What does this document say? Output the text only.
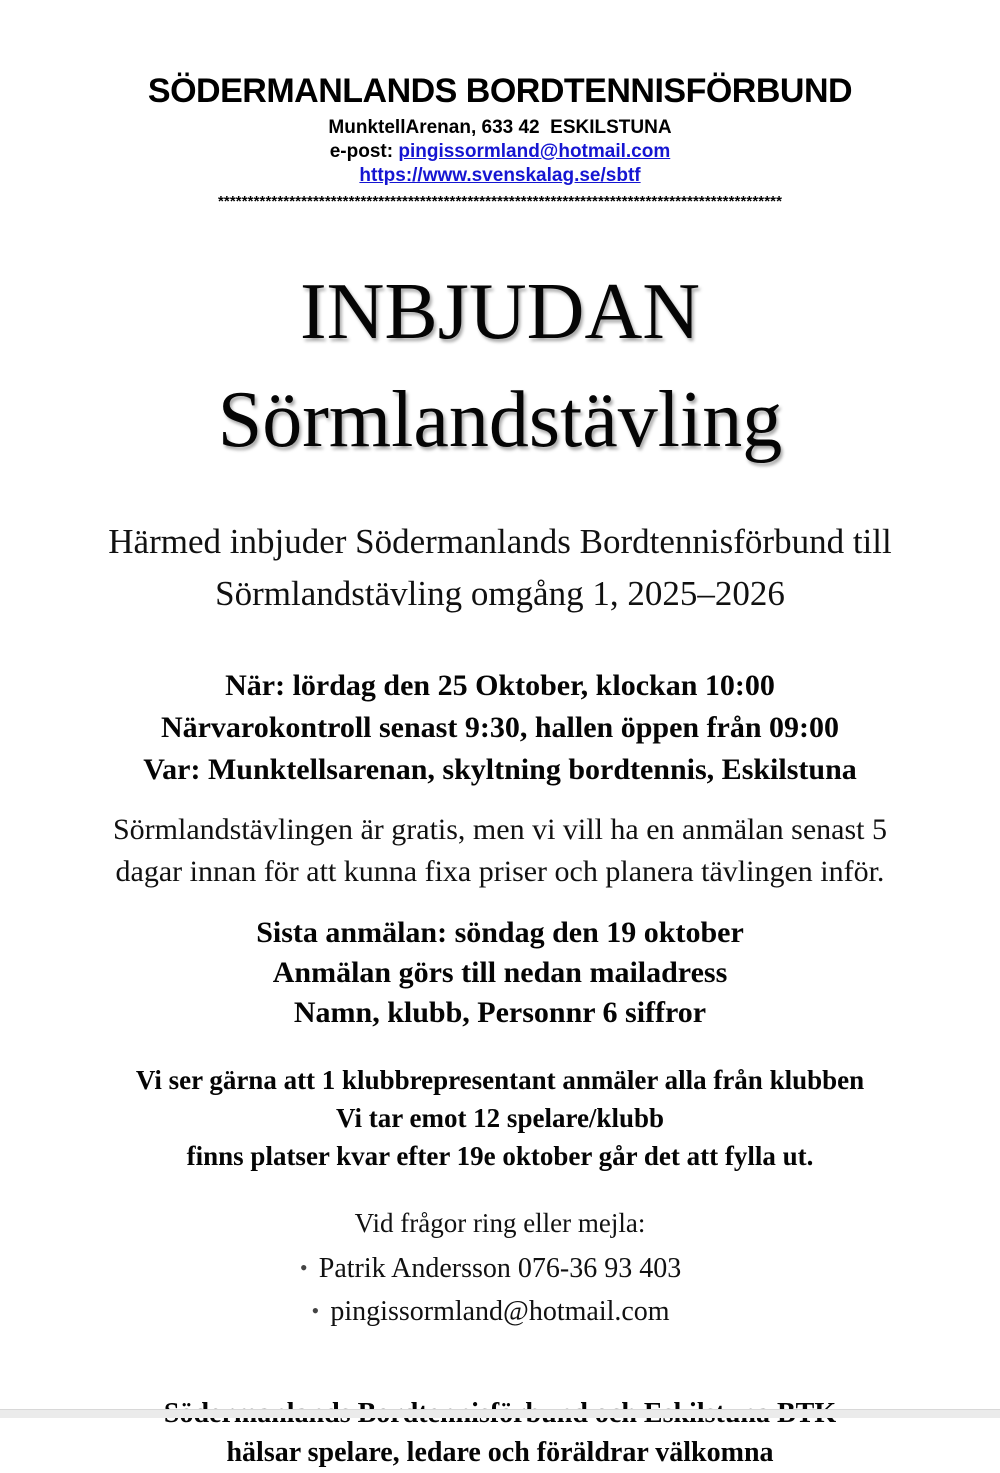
SÖDERMANLANDS BORDTENNISFÖRBUND
MunktellArenan, 633 42  ESKILSTUNA
e-post: pingissormland@hotmail.com
https://www.svenskalag.se/sbtf
***********************************************************************************************
INBJUDAN
Sörmlandstävling

Härmed inbjuder Södermanlands Bordtennisförbund till
Sörmlandstävling omgång 1, 2025–2026

När: lördag den 25 Oktober, klockan 10:00
Närvarokontroll senast 9:30, hallen öppen från 09:00
Var: Munktellsarenan, skyltning bordtennis, Eskilstuna

Sörmlandstävlingen är gratis, men vi vill ha en anmälan senast 5
dagar innan för att kunna fixa priser och planera tävlingen inför.

Sista anmälan: söndag den 19 oktober
Anmälan görs till nedan mailadress
Namn, klubb, Personnr 6 siffror
Vi ser gärna att 1 klubbrepresentant anmäler alla från klubben
Vi tar emot 12 spelare/klubb
finns platser kvar efter 19e oktober går det att fylla ut.
Vid frågor ring eller mejla:
• Patrik Andersson 076-36 93 403
• pingissormland@hotmail.com
hälsar spelare, ledare och föräldrar välkomna
